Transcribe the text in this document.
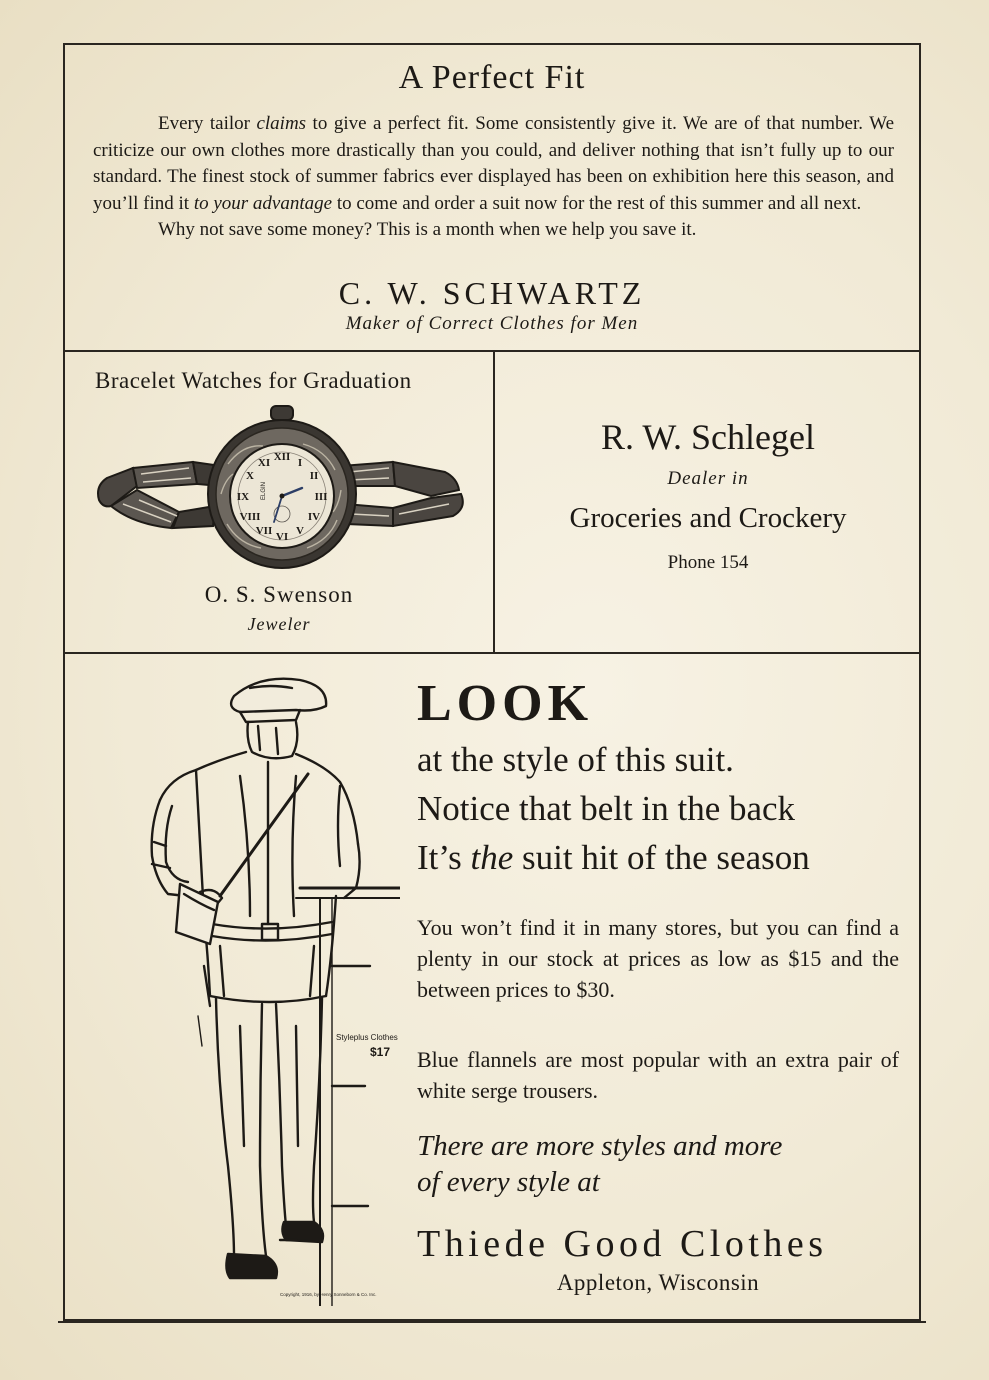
A Perfect Fit

Every tailor claims to give a perfect fit. Some consistently give it. We are of that number. We criticize our own clothes more drastically than you could, and deliver nothing that isn’t fully up to our standard. The finest stock of summer fabrics ever displayed has been on exhibition here this season, and you’ll find it to your advantage to come and order a suit now for the rest of this summer and all next.

Why not save some money? This is a month when we help you save it.

C. W. SCHWARTZ
Maker of Correct Clothes for Men
Bracelet Watches for Graduation
XII I
II
III
IV
V
VI
VII
VIII
IX
X
XI
ELGIN
O. S. Swenson
Jeweler
R. W. Schlegel
Dealer in
Groceries and Crockery
Phone 154
Styleplus Clothes
$17
Copyright, 1916, by Henry Sonneborn & Co. Inc.
LOOK
at the style of this suit.
Notice that belt in the back
It’s the suit hit of the season

You won’t find it in many stores, but you can find a plenty in our stock at prices as low as $15 and the between prices to $30.

Blue flannels are most popular with an extra pair of white serge trousers.

There are more styles and more
of every style at
Thiede Good Clothes
Appleton, Wisconsin
